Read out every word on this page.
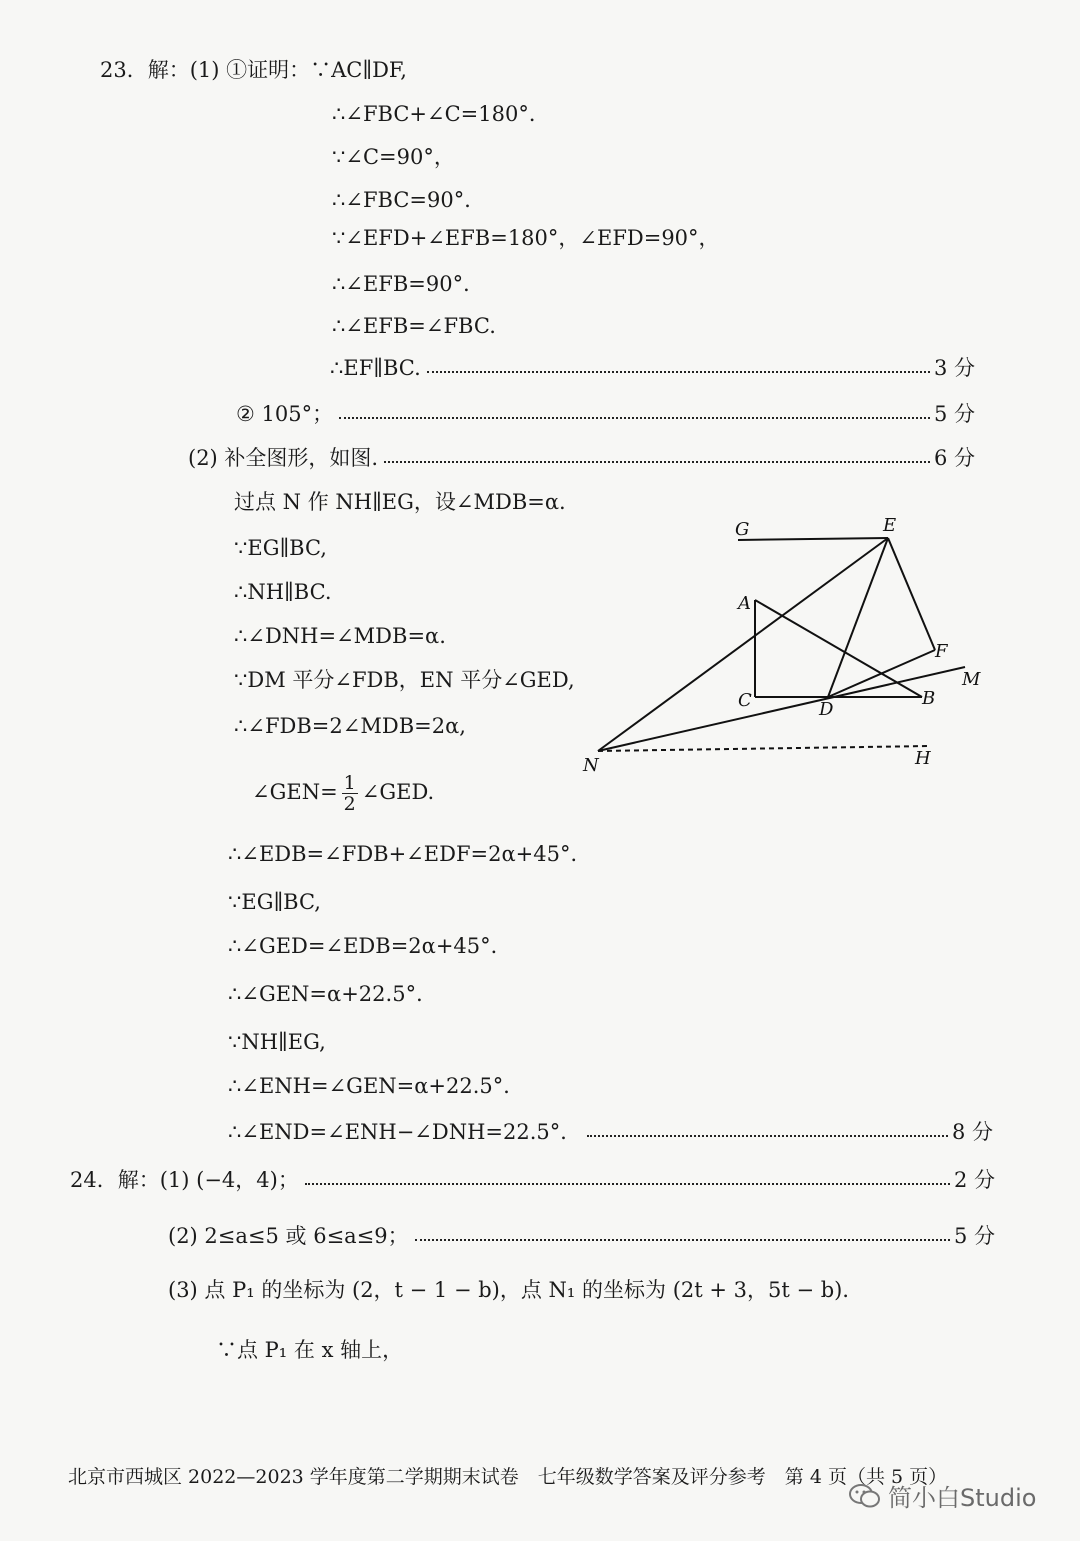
23．解：(1) ①证明：∵AC∥DF,
∴∠FBC+∠C=180°．
∵∠C=90°，
∴∠FBC=90°．
∵∠EFD+∠EFB=180°，∠EFD=90°，
∴∠EFB=90°．
∴∠EFB=∠FBC.
∴EF∥BC.	3 分
② 105°；	5 分
(2) 补全图形，如图.	6 分
过点 N 作 NH∥EG，设∠MDB=α.
∵EG∥BC,
∴NH∥BC.
∴∠DNH=∠MDB=α.
∵DM 平分∠FDB，EN 平分∠GED,
∴∠FDB=2∠MDB=2α,
∠GEN= $\frac{1}{2}$ ∠GED.
∴∠EDB=∠FDB+∠EDF=2α+45°．
∵EG∥BC,
∴∠GED=∠EDB=2α+45°．
∴∠GEN=α+22.5°．
∵NH∥EG,
∴∠ENH=∠GEN=α+22.5°．
∴∠END=∠ENH−∠DNH=22.5°．	8 分
24．解：(1) (−4，4)；	2 分
(2) 2≤a≤5 或 6≤a≤9；	5 分
(3) 点 P₁ 的坐标为 (2，t − 1 − b)，点 N₁ 的坐标为 (2t + 3，5t − b)．
∵点 P₁ 在 x 轴上，
G	E
A
F
M
C	D
B
N	H
北京市西城区 2022—2023 学年度第二学期期末试卷　七年级数学答案及评分参考　第 4 页（共 5 页）
简小白Studio
